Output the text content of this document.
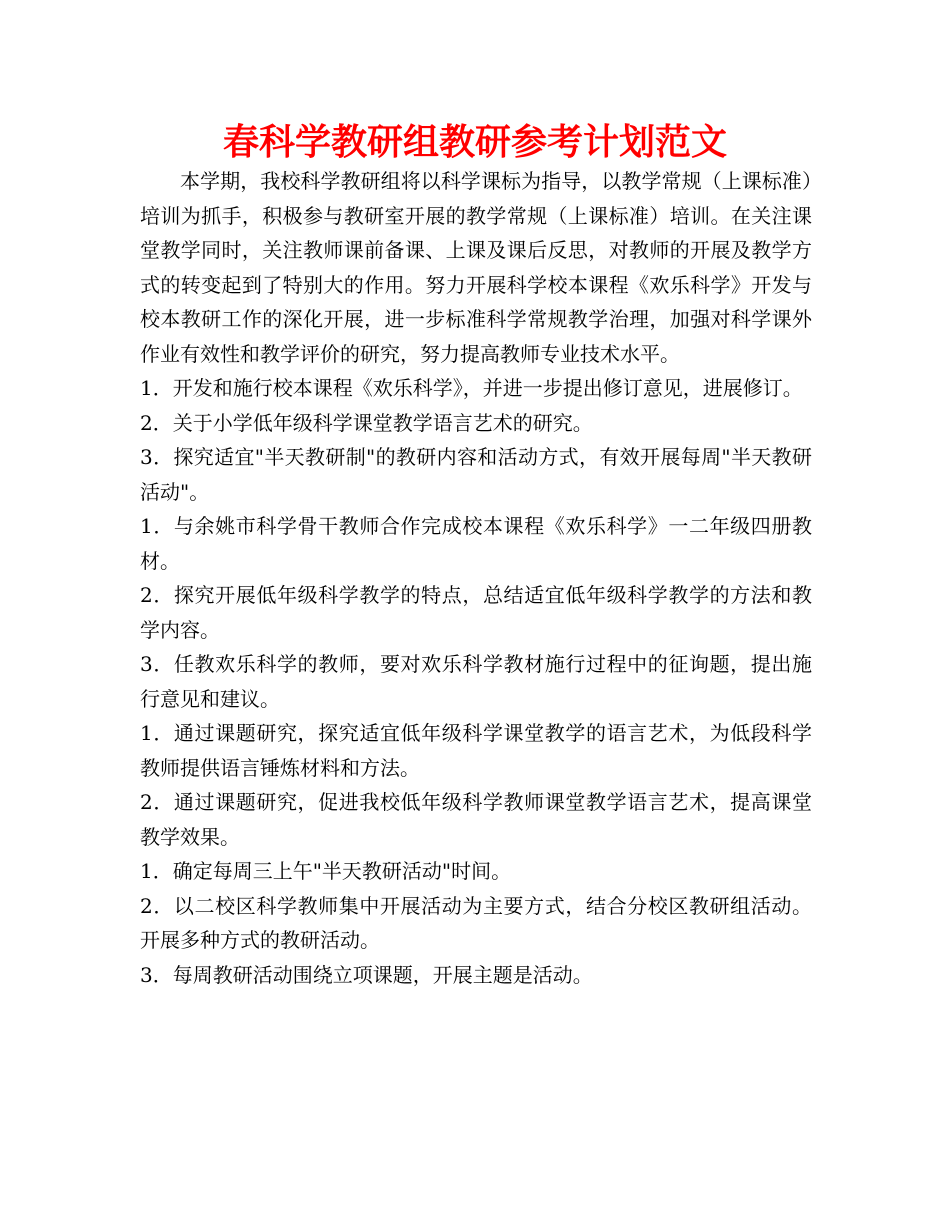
春科学教研组教研参考计划范文

本学期，我校科学教研组将以科学课标为指导，以教学常规（上课标准）培训为抓手，积极参与教研室开展的教学常规（上课标准）培训。在关注课堂教学同时，关注教师课前备课、上课及课后反思，对教师的开展及教学方式的转变起到了特别大的作用。努力开展科学校本课程《欢乐科学》开发与校本教研工作的深化开展，进一步标准科学常规教学治理，加强对科学课外作业有效性和教学评价的研究，努力提高教师专业技术水平。

1．开发和施行校本课程《欢乐科学》，并进一步提出修订意见，进展修订。

2．关于小学低年级科学课堂教学语言艺术的研究。

3．探究适宜"半天教研制"的教研内容和活动方式，有效开展每周"半天教研活动"。

1．与余姚市科学骨干教师合作完成校本课程《欢乐科学》一二年级四册教材。

2．探究开展低年级科学教学的特点，总结适宜低年级科学教学的方法和教学内容。

3．任教欢乐科学的教师，要对欢乐科学教材施行过程中的征询题，提出施行意见和建议。

1．通过课题研究，探究适宜低年级科学课堂教学的语言艺术，为低段科学教师提供语言锤炼材料和方法。

2．通过课题研究，促进我校低年级科学教师课堂教学语言艺术，提高课堂教学效果。

1．确定每周三上午"半天教研活动"时间。

2．以二校区科学教师集中开展活动为主要方式，结合分校区教研组活动。开展多种方式的教研活动。

3．每周教研活动围绕立项课题，开展主题是活动。
